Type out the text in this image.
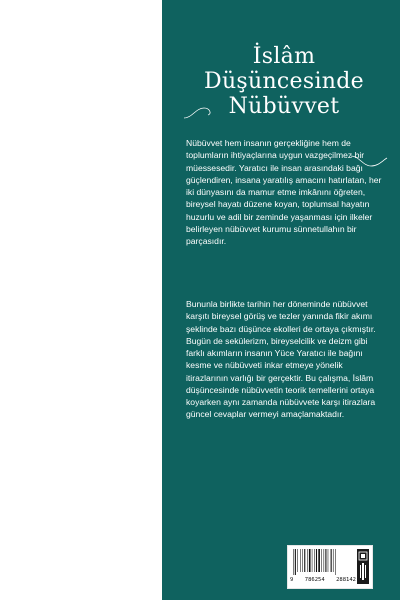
İslâm
Düşüncesinde
Nübüvvet

Nübüvvet hem insanın gerçekliğine hem de toplumların ihtiyaçlarına uygun vazgeçilmez bir müessesedir. Yaratıcı ile insan arasındaki bağı güçlendiren, insana yaratılış amacını hatırlatan, her iki dünyasını da mamur etme imkânını öğreten, bireysel hayatı düzene koyan, toplumsal hayatın huzurlu ve adil bir zeminde yaşanması için ilkeler belirleyen nübüvvet kurumu sünnetullahın bir parçasıdır.

Bununla birlikte tarihin her döneminde nübüvvet karşıtı bireysel görüş ve tezler yanında fikir akımı şeklinde bazı düşünce ekolleri de ortaya çıkmıştır. Bugün de sekülerizm, bireyselcilik ve deizm gibi farklı akımların insanın Yüce Yaratıcı ile bağını kesme ve nübüvveti inkar etmeye yönelik itirazlarının varlığı bir gerçektir. Bu çalışma, İslâm düşüncesinde nübüvvetin teorik temellerini ortaya koyarken aynı zamanda nübüvvete karşı itirazlara güncel cevaplar vermeyi amaçlamaktadır.

9 786254 288142
